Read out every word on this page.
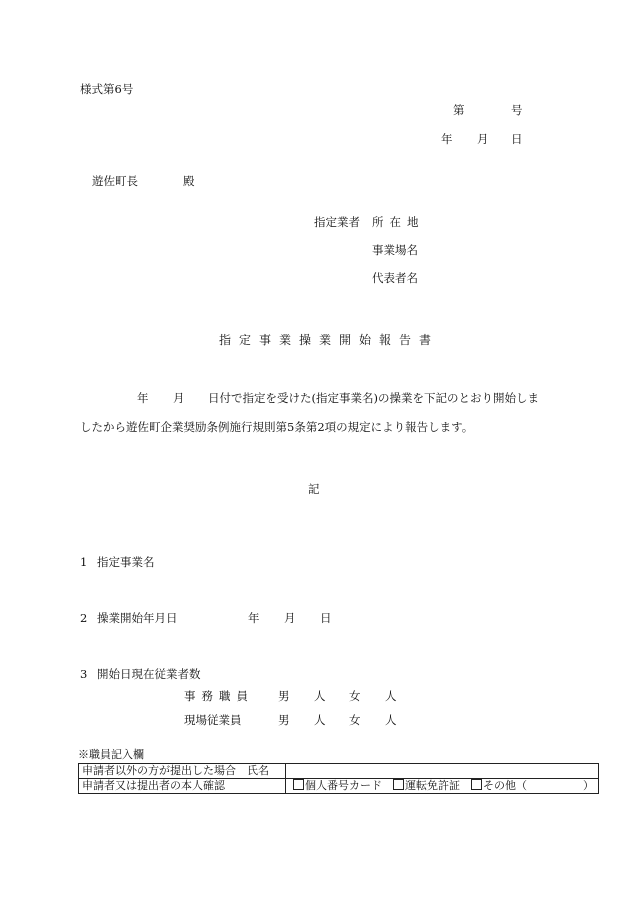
様式第6号
第	号
年 月 日
遊佐町長	殿
指定業者 所在地
事業場名
代表者名
指定事業操業開始報告書
年 月 日付で指定を受けた(指定事業名)の操業を下記のとおり開始しま
したから遊佐町企業奨励条例施行規則第5条第2項の規定により報告します。
記
1 指定事業名
2 操業開始年月日	年 月 日
3 開始日現在従業者数
事務職員 男 人 女 人
現場従業員	男 人 女 人
※職員記入欄
申請者以外の方が提出した場合　氏名	
申請者又は提出者の本人確認	個人番号カード 運転免許証 その他（ ）
